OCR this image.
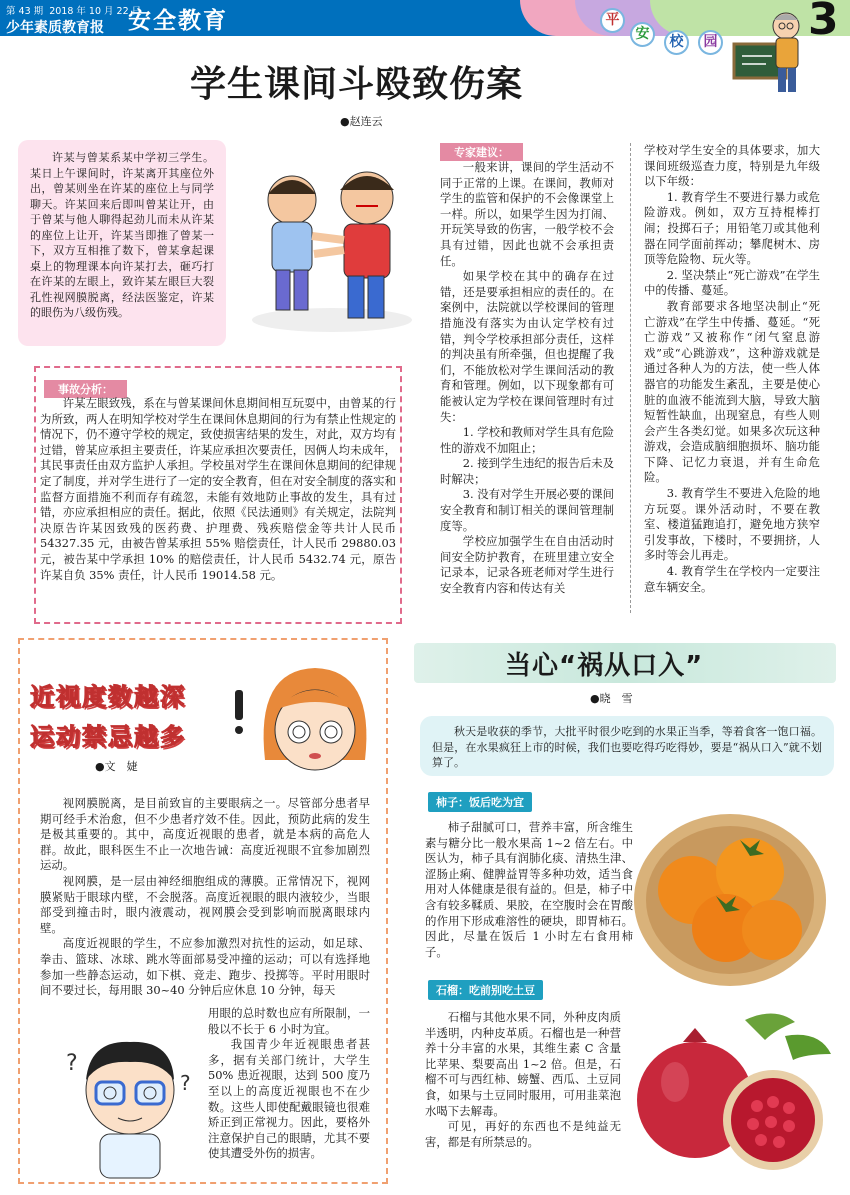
第 43 期 2018 年 10 月 22 日
少年素质教育报 安全教育	平
安	校	园 3
学生课间斗殴致伤案
●赵连云

许某与曾某系某中学初三学生。某日上午课间时，许某离开其座位外出，曾某则坐在许某的座位上与同学聊天。许某回来后即叫曾某让开，由于曾某与他人聊得起劲儿而未从许某的座位上让开，许某当即推了曾某一下，双方互相推了数下，曾某拿起课桌上的物理课本向许某打去，砸巧打在许某的左眼上，致许某左眼巨大裂孔性视网膜脱离，经法医鉴定，许某的眼伤为八级伤残。

事故分析：

许某左眼致残，系在与曾某课间休息期间相互玩耍中，由曾某的行为所致，两人在明知学校对学生在课间休息期间的行为有禁止性规定的情况下，仍不遵守学校的规定，致使损害结果的发生，对此，双方均有过错，曾某应承担主要责任，许某应承担次要责任，因俩人均未成年，其民事责任由双方监护人承担。学校虽对学生在课间休息期间的纪律规定了制度，并对学生进行了一定的安全教育，但在对安全制度的落实和监督方面措施不利而存有疏忽，未能有效地防止事故的发生，具有过错，亦应承担相应的责任。据此，依照《民法通则》有关规定，法院判决原告许某因致残的医药费、护理费、残疾赔偿金等共计人民币 54327.35 元，由被告曾某承担 55% 赔偿责任，计人民币 29880.03 元，被告某中学承担 10% 的赔偿责任，计人民币 5432.74 元，原告许某自负 35% 责任，计人民币 19014.58 元。

专家建议：

一般来讲，课间的学生活动不同于正常的上课。在课间，教师对学生的监管和保护的不会像课堂上一样。所以，如果学生因为打闹、开玩笑导致的伤害，一般学校不会具有过错，因此也就不会承担责任。

如果学校在其中的确存在过错，还是要承担相应的责任的。在案例中，法院就以学校课间的管理措施没有落实为由认定学校有过错，判令学校承担部分责任，这样的判决虽有所牵强，但也提醒了我们，不能放松对学生课间活动的教育和管理。例如，以下现象都有可能被认定为学校在课间管理时有过失：

1. 学校和教师对学生具有危险性的游戏不加阻止；

2. 接到学生违纪的报告后未及时解决；

3. 没有对学生开展必要的课间安全教育和制订相关的课间管理制度等。

学校应加强学生在自由活动时间安全防护教育，在班里建立安全记录本，记录各班老师对学生进行安全教育内容和传达有关

学校对学生安全的具体要求，加大课间班级巡查力度，特别是九年级以下年级：

1. 教育学生不要进行暴力或危险游戏。例如，双方互持棍棒打闹；投掷石子；用铅笔刀或其他利器在同学面前挥动；攀爬树木、房顶等危险物、玩火等。

2. 坚决禁止“死亡游戏”在学生中的传播、蔓延。

教育部要求各地坚决制止“死亡游戏”在学生中传播、蔓延。“死亡游戏”又被称作“闭气窒息游戏”或“心跳游戏”，这种游戏就是通过各种人为的方法，使一些人体器官的功能发生紊乱，主要是使心脏的血液不能流到大脑，导致大脑短暂性缺血，出现窒息，有些人则会产生各类幻觉。如果多次玩这种游戏，会造成脑细胞损坏、脑功能下降、记忆力衰退，并有生命危险。

3. 教育学生不要进入危险的地方玩耍。课外活动时，不要在教室、楼道猛跑追打，避免地方狭窄引发事故，下楼时，不要拥挤，人多时等会儿再走。

4. 教育学生在学校内一定要注意车辆安全。

近视度数越深
运动禁忌越多
●文　婕

视网膜脱离，是目前致盲的主要眼病之一。尽管部分患者早期可经手术治愈，但不少患者疗效不佳。因此，预防此病的发生是极其重要的。其中，高度近视眼的患者，就是本病的高危人群。故此，眼科医生不止一次地告诫：高度近视眼不宜参加剧烈运动。

视网膜，是一层由神经细胞组成的薄膜。正常情况下，视网膜紧贴于眼球内壁，不会脱落。高度近视眼的眼内液较少，当眼部受到撞击时，眼内液震动，视网膜会受到影响而脱离眼球内壁。

高度近视眼的学生，不应参加激烈对抗性的运动，如足球、拳击、篮球、冰球、跳水等面部易受冲撞的运动；可以有选择地参加一些静态运动，如下棋、竞走、跑步、投掷等。平时用眼时间不要过长，每用眼 30~40 分钟后应休息 10 分钟，每天

用眼的总时数也应有所限制，一般以不长于 6 小时为宜。

我国青少年近视眼患者甚多，据有关部门统计，大学生 50% 患近视眼，达到 500 度乃至以上的高度近视眼也不在少数。这些人即使配戴眼镜也很难矫正到正常视力。因此，要格外注意保护自己的眼睛，尤其不要使其遭受外伤的损害。

?
?
当心“祸从口入”
●晓　雪

秋天是收获的季节，大批平时很少吃到的水果正当季，等着食客一饱口福。但是，在水果疯狂上市的时候，我们也要吃得巧吃得妙，要是“祸从口入”就不划算了。

柿子：饭后吃为宜

柿子甜腻可口，营养丰富，所含维生素与糖分比一般水果高 1~2 倍左右。中医认为，柿子具有润肺化痰、清热生津、涩肠止痢、健脾益胃等多种功效，适当食用对人体健康是很有益的。但是，柿子中含有较多鞣质、果胶，在空腹时会在胃酸的作用下形成难溶性的硬块，即胃柿石。因此，尽量在饭后 1 小时左右食用柿子。

石榴：吃前别吃土豆

石榴与其他水果不同，外种皮肉质半透明，内种皮革质。石榴也是一种营养十分丰富的水果，其维生素 C 含量比苹果、梨要高出 1~2 倍。但是，石榴不可与西红柿、螃蟹、西瓜、土豆同食，如果与土豆同时服用，可用韭菜泡水喝下去解毒。

可见，再好的东西也不是纯益无害，都是有所禁忌的。
